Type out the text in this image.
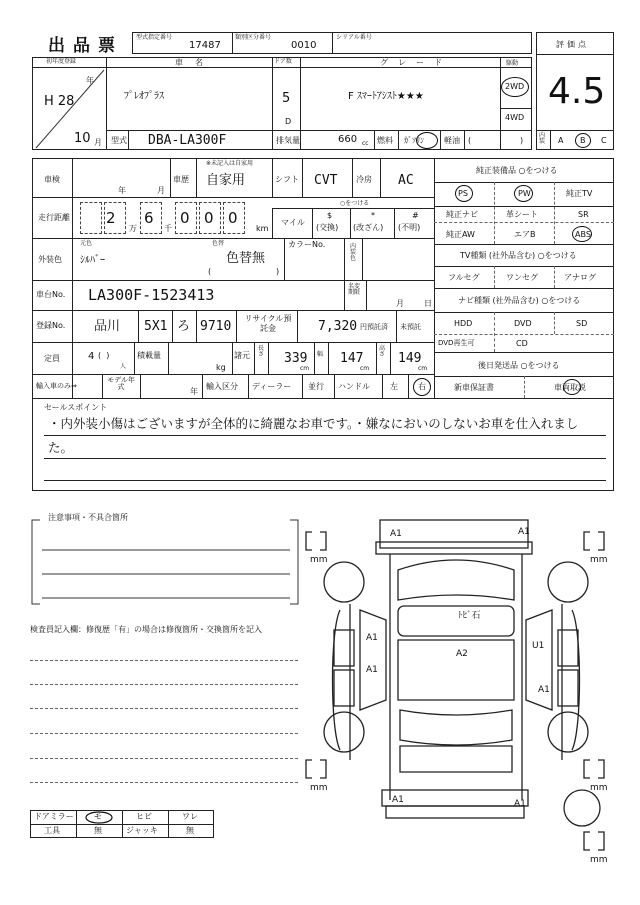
出品票 型式指定番号
17487
類別区分番号
0010
シリアル番号
初年度登録
年
H 28
10 月
車名
ﾌﾟﾚｵﾌﾟﾗｽ
ドア数
5
D
グレード
F ｽﾏｰﾄｱｼｽﾄ★★★
駆動
2WD
4WD
型式 DBA-LA300F	排気量	660 cc 燃料 ｶﾞｿﾘﾝ	軽油 (	)
評価点
4.5
内装 A B C
車検
年	月
車歴
※未記入は自家用
自家用	シフト CVT 冷房 AC
走行距離 2
万
6
千
0 0 0
km
マイル
○をつける
$
(交換)
*
(改ざん)
#
(不明)
外装色
元色
ｼﾙﾊﾞｰ
色替
(
色替無
)
カラーNo.	内装色
車台No. LA300F-1523413	名変期限
月	日
登録No. 品川 5X1 ろ 9710
リサイクル預託金	7,320 円預託済 未預託
定員	4 (  )
人
積載量
kg
諸元
長さ 339
cm
幅 147
cm
高さ 149
cm
輸入車のみ⇒
モデル年式	年
輸入区分 ディーラー 並行 ハンドル	左	右
純正装備品 ○をつける
PS	PW	純正TV
純正ナビ	革シート	SR
純正AW	エアB	ABS
TV種類 (社外品含む) ○をつける
フルセグ	ワンセグ	アナログ
ナビ種類 (社外品含む) ○をつける
HDD	DVD	SD
DVD再生可	CD
後日発送品 ○をつける
新車保証書	車両取説
セールスポイント
・内外装小傷はございますが全体的に綺麗なお車です。・嫌なにおいのしないお車を仕入れまし
た。
注意事項・不具合箇所
検査員記入欄：修復歴「有」の場合は修復箇所・交換箇所を記入
ドアミラー	モ	ヒビ	ワレ
工具	無	ジャッキ	無
mm	mm
mm	mm
mm
A1	A1
ﾄﾋﾞ石
A1
A1
A2
U1
A1
A1	A1
